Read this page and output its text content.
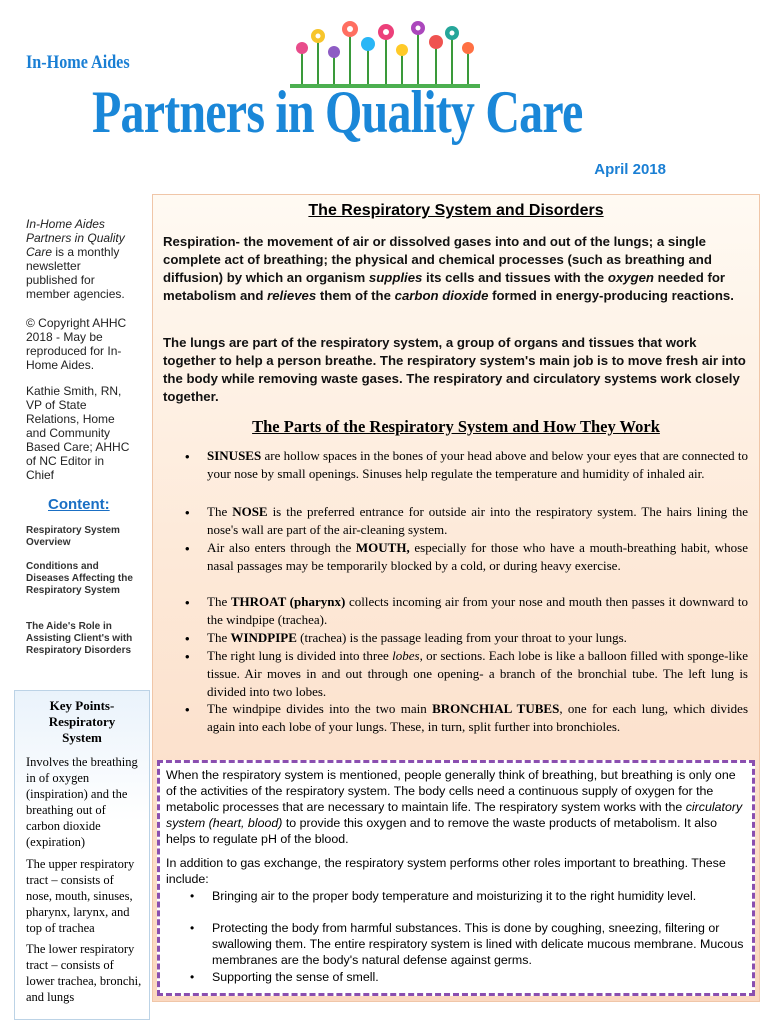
In-Home Aides
Partners in Quality Care
April 2018
In-Home Aides Partners in Quality Care is a monthly newsletter published for member agencies.
© Copyright AHHC 2018 - May be reproduced for In-Home Aides.
Kathie Smith, RN, VP of State Relations, Home and Community Based Care; AHHC of NC Editor in Chief
Content:
Respiratory System Overview
Conditions and Diseases Affecting the Respiratory System
The Aide's Role in Assisting Client's with Respiratory Disorders
Key Points-
Respiratory
System
Involves the breathing in of oxygen (inspiration) and the breathing out of carbon dioxide (expiration)
The upper respiratory tract – consists of nose, mouth, sinuses, pharynx, larynx, and top of trachea
The lower respiratory tract – consists of lower trachea, bronchi, and lungs
The Respiratory System and Disorders
Respiration- the movement of air or dissolved gases into and out of the lungs; a single complete act of breathing; the physical and chemical processes (such as breathing and diffusion) by which an organism supplies its cells and tissues with the oxygen needed for metabolism and relieves them of the carbon dioxide formed in energy-producing reactions.
The lungs are part of the respiratory system, a group of organs and tissues that work together to help a person breathe. The respiratory system's main job is to move fresh air into the body while removing waste gases. The respiratory and circulatory systems work closely together.
The Parts of the Respiratory System and How They Work
•	SINUSES are hollow spaces in the bones of your head above and below your eyes that are connected to your nose by small openings. Sinuses help regulate the temperature and humidity of inhaled air.
•	The NOSE is the preferred entrance for outside air into the respiratory system. The hairs lining the nose's wall are part of the air-cleaning system.
•	Air also enters through the MOUTH, especially for those who have a mouth-breathing habit, whose nasal passages may be temporarily blocked by a cold, or during heavy exercise.
•	The THROAT (pharynx) collects incoming air from your nose and mouth then passes it downward to the windpipe (trachea).
•	The WINDPIPE (trachea) is the passage leading from your throat to your lungs.
•	The right lung is divided into three lobes, or sections. Each lobe is like a balloon filled with sponge-like tissue. Air moves in and out through one opening- a branch of the bronchial tube. The left lung is divided into two lobes.
•	The windpipe divides into the two main BRONCHIAL TUBES, one for each lung, which divides again into each lobe of your lungs. These, in turn, split further into bronchioles.
When the respiratory system is mentioned, people generally think of breathing, but breathing is only one of the activities of the respiratory system. The body cells need a continuous supply of oxygen for the metabolic processes that are necessary to maintain life. The respiratory system works with the circulatory system (heart, blood) to provide this oxygen and to remove the waste products of metabolism. It also helps to regulate pH of the blood.
In addition to gas exchange, the respiratory system performs other roles important to breathing. These include:
• Bringing air to the proper body temperature and moisturizing it to the right humidity level.
• Protecting the body from harmful substances. This is done by coughing, sneezing, filtering or swallowing them. The entire respiratory system is lined with delicate mucous membrane. Mucous membranes are the body's natural defense against germs.
• Supporting the sense of smell.
